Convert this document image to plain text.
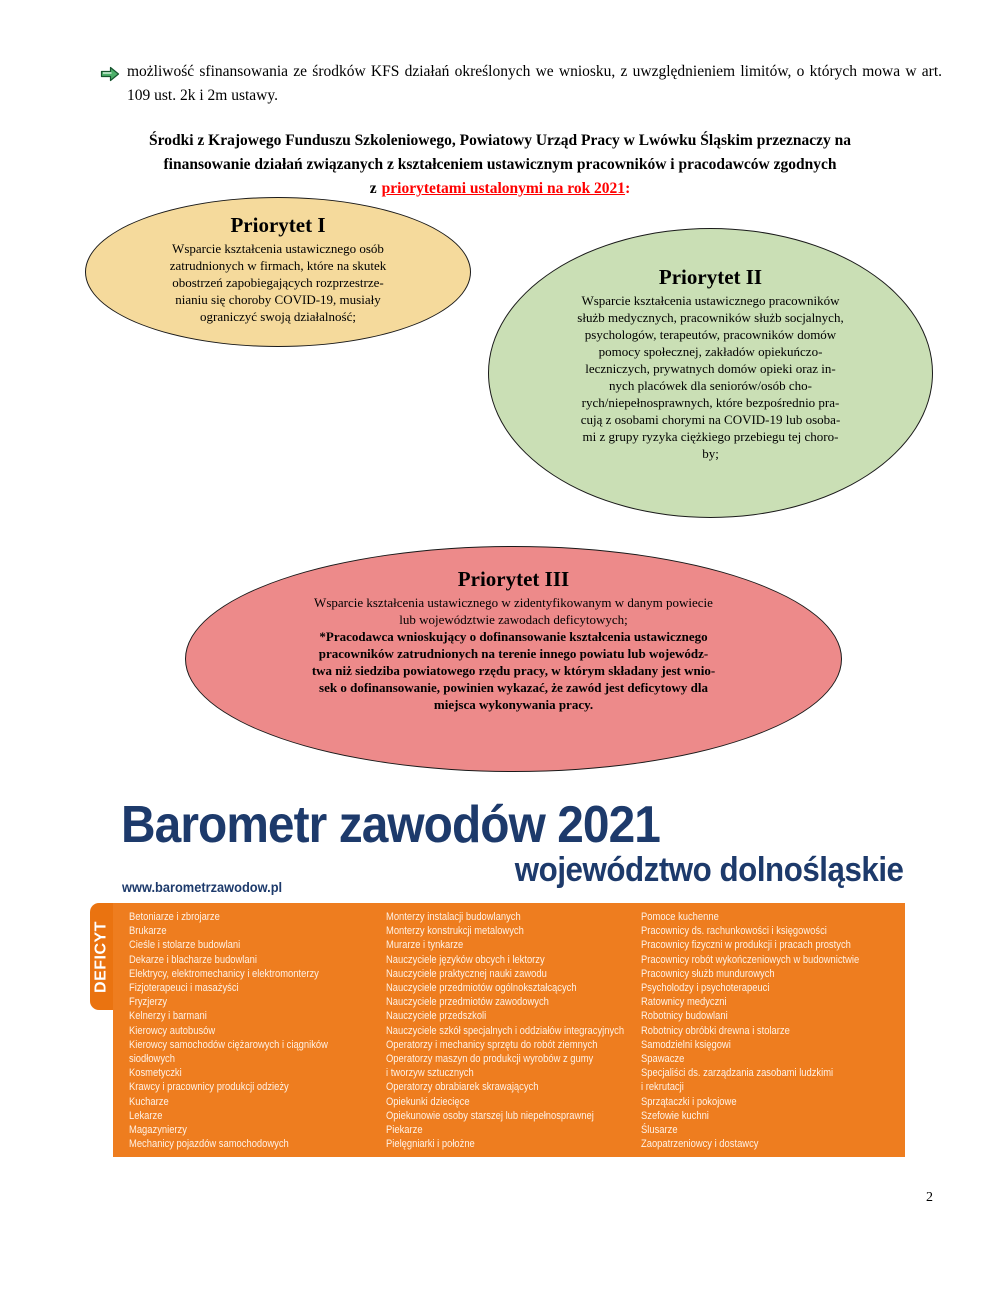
możliwość sfinansowania ze środków KFS działań określonych we wniosku, z uwzględnieniem limitów, o których mowa w art. 109 ust. 2k i 2m ustawy.
Środki z Krajowego Funduszu Szkoleniowego, Powiatowy Urząd Pracy w Lwówku Śląskim przeznaczy na
finansowanie działań związanych z kształceniem ustawicznym pracowników i pracodawców zgodnych
z priorytetami ustalonymi na rok 2021:
Priorytet I
Wsparcie kształcenia ustawicznego osób
zatrudnionych w firmach, które na skutek
obostrzeń zapobiegających rozprzestrze-
nianiu się choroby COVID-19, musiały
ograniczyć swoją działalność;
Priorytet II
Wsparcie kształcenia ustawicznego pracowników
służb medycznych, pracowników służb socjalnych,
psychologów, terapeutów, pracowników domów
pomocy społecznej, zakładów opiekuńczo-
leczniczych, prywatnych domów opieki oraz in-
nych placówek dla seniorów/osób cho-
rych/niepełnosprawnych, które bezpośrednio pra-
cują z osobami chorymi na COVID-19 lub osoba-
mi z grupy ryzyka ciężkiego przebiegu tej choro-
by;
Priorytet III
Wsparcie kształcenia ustawicznego w zidentyfikowanym w danym powiecie
lub województwie zawodach deficytowych;
*Pracodawca wnioskujący o dofinansowanie kształcenia ustawicznego
pracowników zatrudnionych na terenie innego powiatu lub wojewódz-
twa niż siedziba powiatowego rzędu pracy, w którym składany jest wnio-
sek o dofinansowanie, powinien wykazać, że zawód jest deficytowy dla
miejsca wykonywania pracy.
Barometr zawodów 2021
województwo dolnośląskie
www.barometrzawodow.pl
DEFICYT
Betoniarze i zbrojarze
Brukarze
Cieśle i stolarze budowlani
Dekarze i blacharze budowlani
Elektrycy, elektromechanicy i elektromonterzy
Fizjoterapeuci i masażyści
Fryzjerzy
Kelnerzy i barmani
Kierowcy autobusów
Kierowcy samochodów ciężarowych i ciągników
siodłowych
Kosmetyczki
Krawcy i pracownicy produkcji odzieży
Kucharze
Lekarze
Magazynierzy
Mechanicy pojazdów samochodowych
Monterzy instalacji budowlanych
Monterzy konstrukcji metalowych
Murarze i tynkarze
Nauczyciele języków obcych i lektorzy
Nauczyciele praktycznej nauki zawodu
Nauczyciele przedmiotów ogólnokształcących
Nauczyciele przedmiotów zawodowych
Nauczyciele przedszkoli
Nauczyciele szkół specjalnych i oddziałów integracyjnych
Operatorzy i mechanicy sprzętu do robót ziemnych
Operatorzy maszyn do produkcji wyrobów z gumy
i tworzyw sztucznych
Operatorzy obrabiarek skrawających
Opiekunki dziecięce
Opiekunowie osoby starszej lub niepełnosprawnej
Piekarze
Pielęgniarki i położne
Pomoce kuchenne
Pracownicy ds. rachunkowości i księgowości
Pracownicy fizyczni w produkcji i pracach prostych
Pracownicy robót wykończeniowych w budownictwie
Pracownicy służb mundurowych
Psycholodzy i psychoterapeuci
Ratownicy medyczni
Robotnicy budowlani
Robotnicy obróbki drewna i stolarze
Samodzielni księgowi
Spawacze
Specjaliści ds. zarządzania zasobami ludzkimi
i rekrutacji
Sprzątaczki i pokojowe
Szefowie kuchni
Ślusarze
Zaopatrzeniowcy i dostawcy
2
